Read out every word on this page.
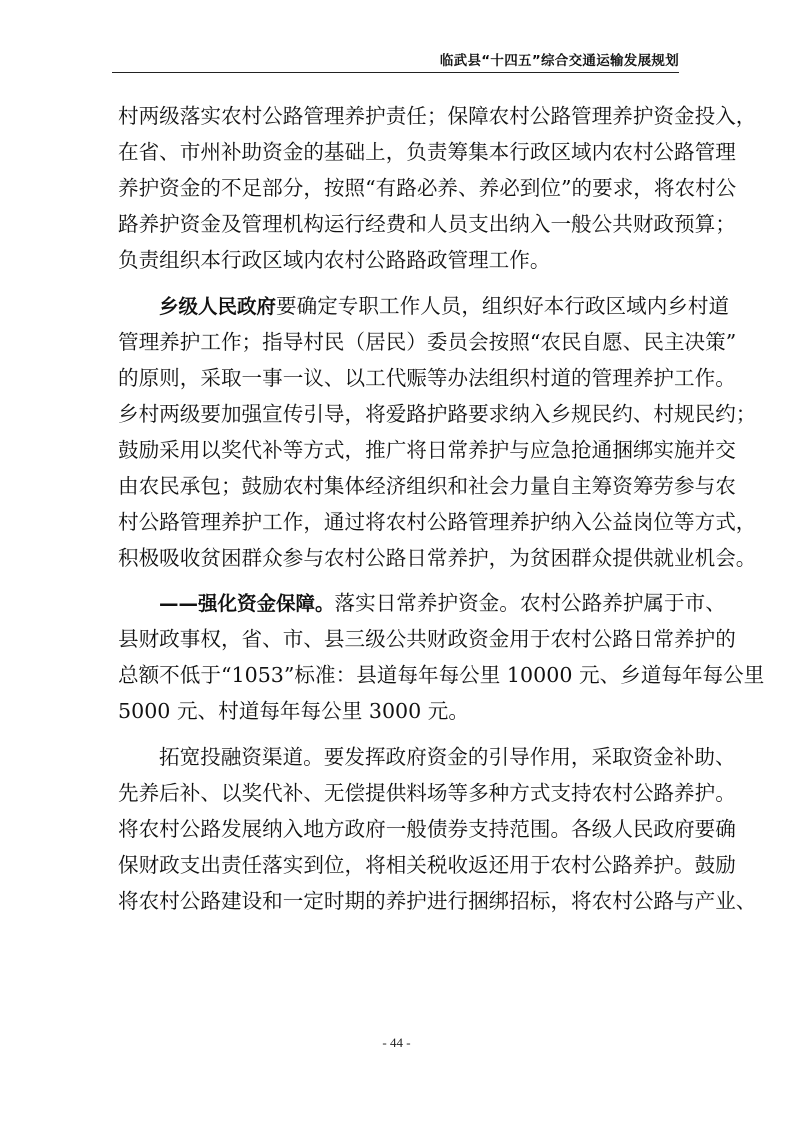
临武县“十四五”综合交通运输发展规划
村两级落实农村公路管理养护责任；保障农村公路管理养护资金投入，
在省、市州补助资金的基础上，负责筹集本行政区域内农村公路管理
养护资金的不足部分，按照“有路必养、养必到位”的要求，将农村公
路养护资金及管理机构运行经费和人员支出纳入一般公共财政预算；
负责组织本行政区域内农村公路路政管理工作。
乡级人民政府要确定专职工作人员，组织好本行政区域内乡村道
管理养护工作；指导村民（居民）委员会按照“农民自愿、民主决策”
的原则，采取一事一议、以工代赈等办法组织村道的管理养护工作。
乡村两级要加强宣传引导，将爱路护路要求纳入乡规民约、村规民约；
鼓励采用以奖代补等方式，推广将日常养护与应急抢通捆绑实施并交
由农民承包；鼓励农村集体经济组织和社会力量自主筹资筹劳参与农
村公路管理养护工作，通过将农村公路管理养护纳入公益岗位等方式，
积极吸收贫困群众参与农村公路日常养护，为贫困群众提供就业机会。
——强化资金保障。落实日常养护资金。农村公路养护属于市、
县财政事权，省、市、县三级公共财政资金用于农村公路日常养护的
总额不低于“1053”标准：县道每年每公里 10000 元、乡道每年每公里
5000 元、村道每年每公里 3000 元。
拓宽投融资渠道。要发挥政府资金的引导作用，采取资金补助、
先养后补、以奖代补、无偿提供料场等多种方式支持农村公路养护。
将农村公路发展纳入地方政府一般债券支持范围。各级人民政府要确
保财政支出责任落实到位，将相关税收返还用于农村公路养护。鼓励
将农村公路建设和一定时期的养护进行捆绑招标，将农村公路与产业、
- 44 -
